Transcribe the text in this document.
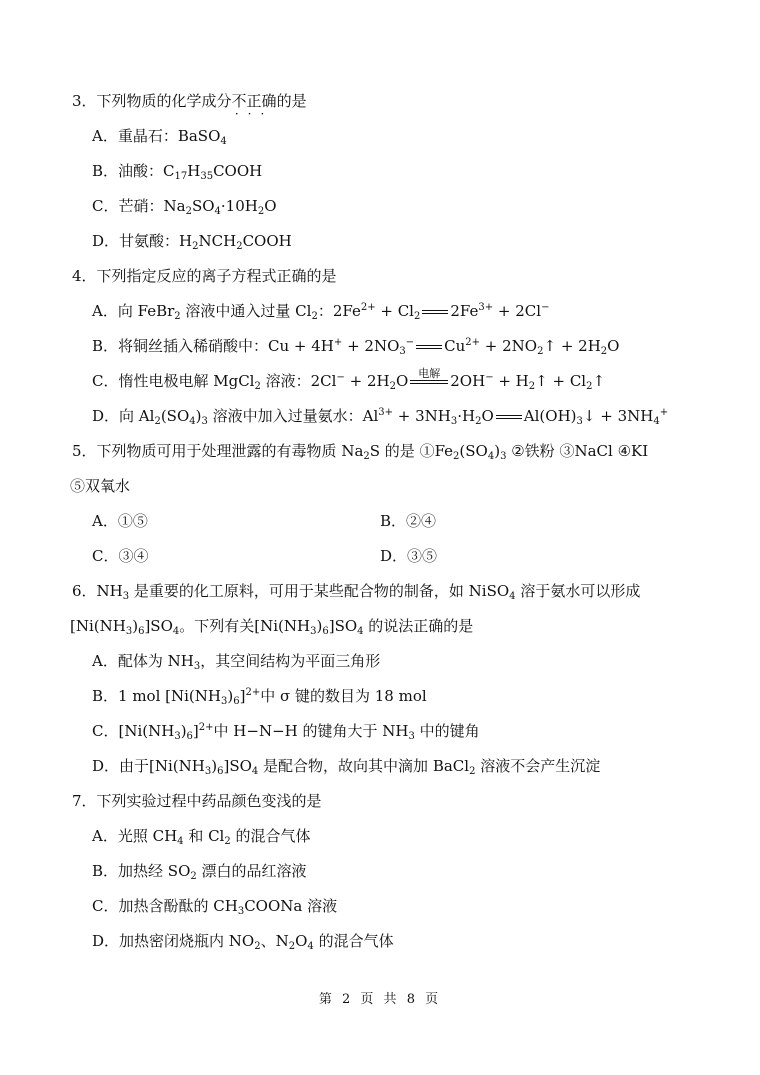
3．下列物质的化学成分不正确
···
的是
A．重晶石：BaSO$_4$
B．油酸：$C_{17}H_{35}COOH$
C．芒硝：$Na_2SO_4\cdot 10H_2O$
D．甘氨酸：$H_2NCH_2COOH$
4．下列指定反应的离子方程式正确的是
A．向 FeBr$_2$ 溶液中通入过量 $Cl_2$：$2Fe^{2+} + Cl_2$ $2Fe^{3+} + 2Cl^-$
B．将铜丝插入稀硝酸中：$Cu + 4H^+ + 2NO_3^-$ $Cu^{2+}$ + $2NO_2↑ + 2H_2O$
C．惰性电极电解 MgCl$_2$ 溶液：$2Cl^- + 2H_2O$ 电解 $2OH^- + H_2↑$ + $Cl_2↑$
D．向 $Al_2(SO_4)_3$ 溶液中加入过量氨水：$Al^{3+} + 3NH_3\cdot H_2O$ $Al(OH)_3↓ + 3NH_4^+$
5．下列物质可用于处理泄露的有毒物质 $Na_2S$ 的是 $①Fe_2(SO_4)_3$ ②铁粉 ③NaCl ④KI
⑤双氧水
A．①⑤	B．②④
C．③④	D．③⑤
6．$NH_3$ 是重要的化工原料，可用于某些配合物的制备，如 NiSO$_4$ 溶于氨水可以形成
$[Ni(NH_3)_6]SO_4$。下列有关$[Ni(NH_3)_6]SO_4$ 的说法正确的是
A．配体为 $NH_3$，其空间结构为平面三角形
B．1 mol $[Ni(NH_3)_6]^{2+}$中 σ 键的数目为 18 mol
C．$[Ni(NH_3)_6]^{2+}$中 H−N−H 的键角大于 $NH_3$ 中的键角
D．由于$[Ni(NH_3)_6]SO_4$ 是配合物，故向其中滴加 BaCl$_2$ 溶液不会产生沉淀
7．下列实验过程中药品颜色变浅的是
A．光照 $CH_4$ 和 $Cl_2$ 的混合气体
B．加热经 $SO_2$ 漂白的品红溶液
C．加热含酚酞的 $CH_3COONa$ 溶液
D．加热密闭烧瓶内 $NO_2$、$N_2O_4$ 的混合气体
第 2 页 共 8 页
